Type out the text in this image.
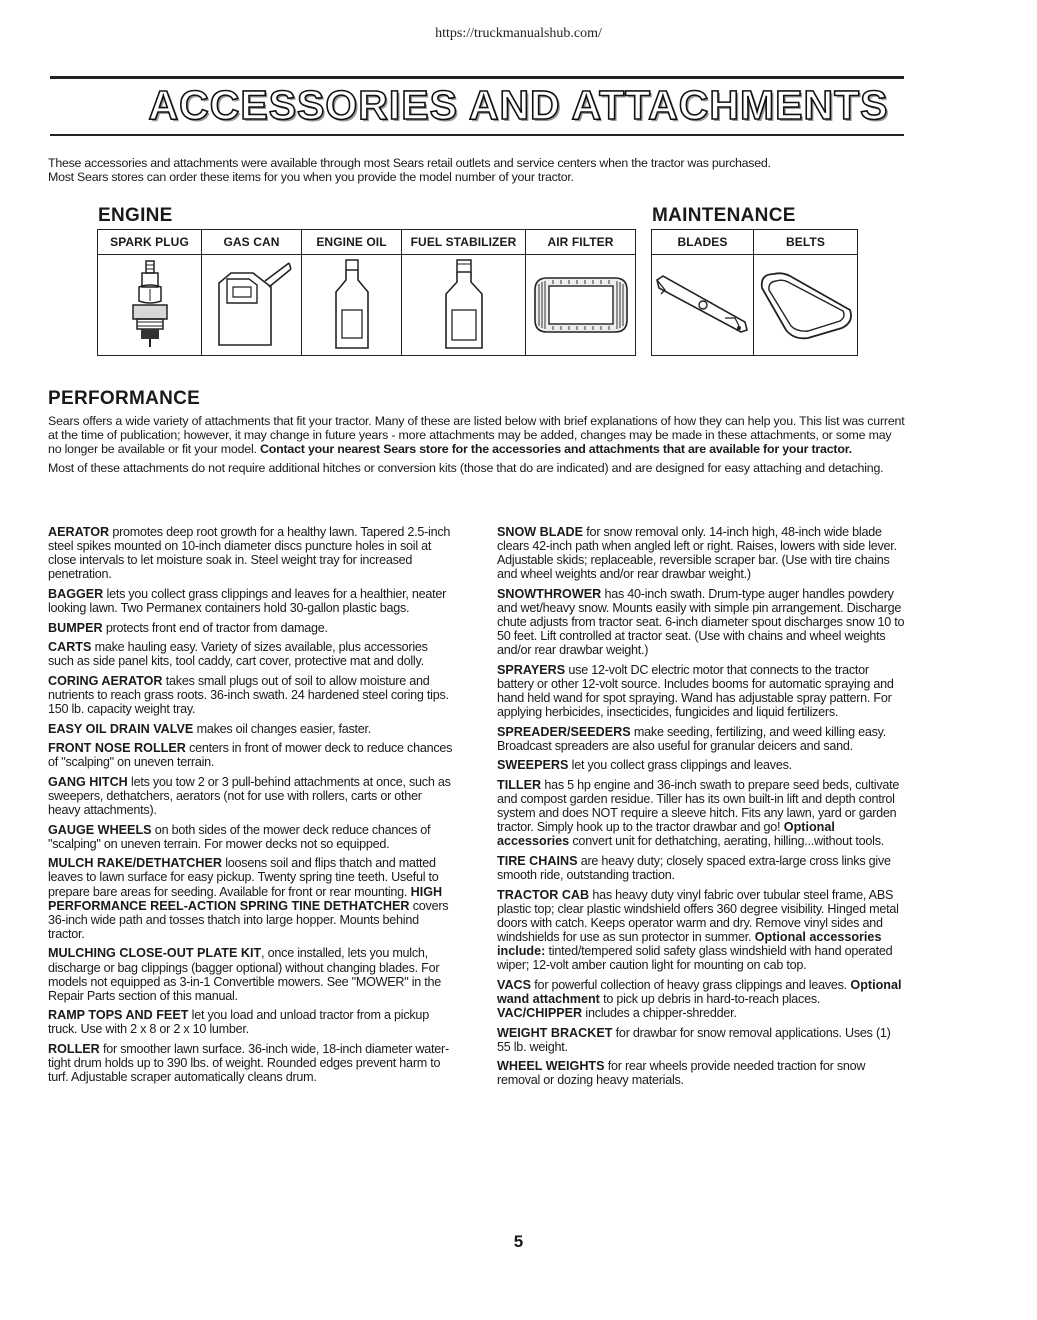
https://truckmanualshub.com/
ACCESSORIES AND ATTACHMENTS

These accessories and attachments were available through most Sears retail outlets and service centers when the tractor was purchased.

Most Sears stores can order these items for you when you provide the model number of your tractor.

ENGINE
SPARK PLUG	GAS CAN	ENGINE OIL	FUEL STABILIZER	AIR FILTER
MAINTENANCE
BLADES	BELTS
PERFORMANCE

Sears offers a wide variety of attachments that fit your tractor. Many of these are listed below with brief explanations of how they can help you. This list was current at the time of publication; however, it may change in future years - more attachments may be added, changes may be made in these attachments, or some may no longer be available or fit your model. Contact your nearest Sears store for the accessories and attachments that are available for your tractor.

Most of these attachments do not require additional hitches or conversion kits (those that do are indicated) and are designed for easy attaching and detaching.

AERATOR promotes deep root growth for a healthy lawn. Tapered 2.5-inch steel spikes mounted on 10-inch diameter discs puncture holes in soil at close intervals to let moisture soak in. Steel weight tray for increased penetration.

BAGGER lets you collect grass clippings and leaves for a healthier, neater looking lawn. Two Permanex containers hold 30-gallon plastic bags.

BUMPER protects front end of tractor from damage.

CARTS make hauling easy. Variety of sizes available, plus accessories such as side panel kits, tool caddy, cart cover, protective mat and dolly.

CORING AERATOR takes small plugs out of soil to allow moisture and nutrients to reach grass roots. 36-inch swath. 24 hardened steel coring tips. 150 lb. capacity weight tray.

EASY OIL DRAIN VALVE makes oil changes easier, faster.

FRONT NOSE ROLLER centers in front of mower deck to reduce chances of "scalping" on uneven terrain.

GANG HITCH lets you tow 2 or 3 pull-behind attachments at once, such as sweepers, dethatchers, aerators (not for use with rollers, carts or other heavy attachments).

GAUGE WHEELS on both sides of the mower deck reduce chances of "scalping" on uneven terrain. For mower decks not so equipped.

MULCH RAKE/DETHATCHER loosens soil and flips thatch and matted leaves to lawn surface for easy pickup. Twenty spring tine teeth. Useful to prepare bare areas for seeding. Available for front or rear mounting. HIGH PERFORMANCE REEL-ACTION SPRING TINE DETHATCHER covers 36-inch wide path and tosses thatch into large hopper. Mounts behind tractor.

MULCHING CLOSE-OUT PLATE KIT, once installed, lets you mulch, discharge or bag clippings (bagger optional) without changing blades. For models not equipped as 3-in-1 Convertible mowers. See "MOWER" in the Repair Parts section of this manual.

RAMP TOPS AND FEET let you load and unload tractor from a pickup truck. Use with 2 x 8 or 2 x 10 lumber.

ROLLER for smoother lawn surface. 36-inch wide, 18-inch diameter water-tight drum holds up to 390 lbs. of weight. Rounded edges prevent harm to turf. Adjustable scraper automatically cleans drum.

SNOW BLADE for snow removal only. 14-inch high, 48-inch wide blade clears 42-inch path when angled left or right. Raises, lowers with side lever. Adjustable skids; replaceable, reversible scraper bar. (Use with tire chains and wheel weights and/or rear drawbar weight.)

SNOWTHROWER has 40-inch swath. Drum-type auger handles powdery and wet/heavy snow. Mounts easily with simple pin arrangement. Discharge chute adjusts from tractor seat. 6-inch diameter spout discharges snow 10 to 50 feet. Lift controlled at tractor seat. (Use with chains and wheel weights and/or rear drawbar weight.)

SPRAYERS use 12-volt DC electric motor that connects to the tractor battery or other 12-volt source. Includes booms for automatic spraying and hand held wand for spot spraying. Wand has adjustable spray pattern. For applying herbicides, insecticides, fungicides and liquid fertilizers.

SPREADER/SEEDERS make seeding, fertilizing, and weed killing easy. Broadcast spreaders are also useful for granular deicers and sand.

SWEEPERS let you collect grass clippings and leaves.

TILLER has 5 hp engine and 36-inch swath to prepare seed beds, cultivate and compost garden residue. Tiller has its own built-in lift and depth control system and does NOT require a sleeve hitch. Fits any lawn, yard or garden tractor. Simply hook up to the tractor drawbar and go! Optional accessories convert unit for dethatching, aerating, hilling...without tools.

TIRE CHAINS are heavy duty; closely spaced extra-large cross links give smooth ride, outstanding traction.

TRACTOR CAB has heavy duty vinyl fabric over tubular steel frame, ABS plastic top; clear plastic windshield offers 360 degree visibility. Hinged metal doors with catch. Keeps operator warm and dry. Remove vinyl sides and windshields for use as sun protector in summer. Optional accessories include: tinted/tempered solid safety glass windshield with hand operated wiper; 12-volt amber caution light for mounting on cab top.

VACS for powerful collection of heavy grass clippings and leaves. Optional wand attachment to pick up debris in hard-to-reach places. VAC/CHIPPER includes a chipper-shredder.

WEIGHT BRACKET for drawbar for snow removal applications. Uses (1) 55 lb. weight.

WHEEL WEIGHTS for rear wheels provide needed traction for snow removal or dozing heavy materials.

5
